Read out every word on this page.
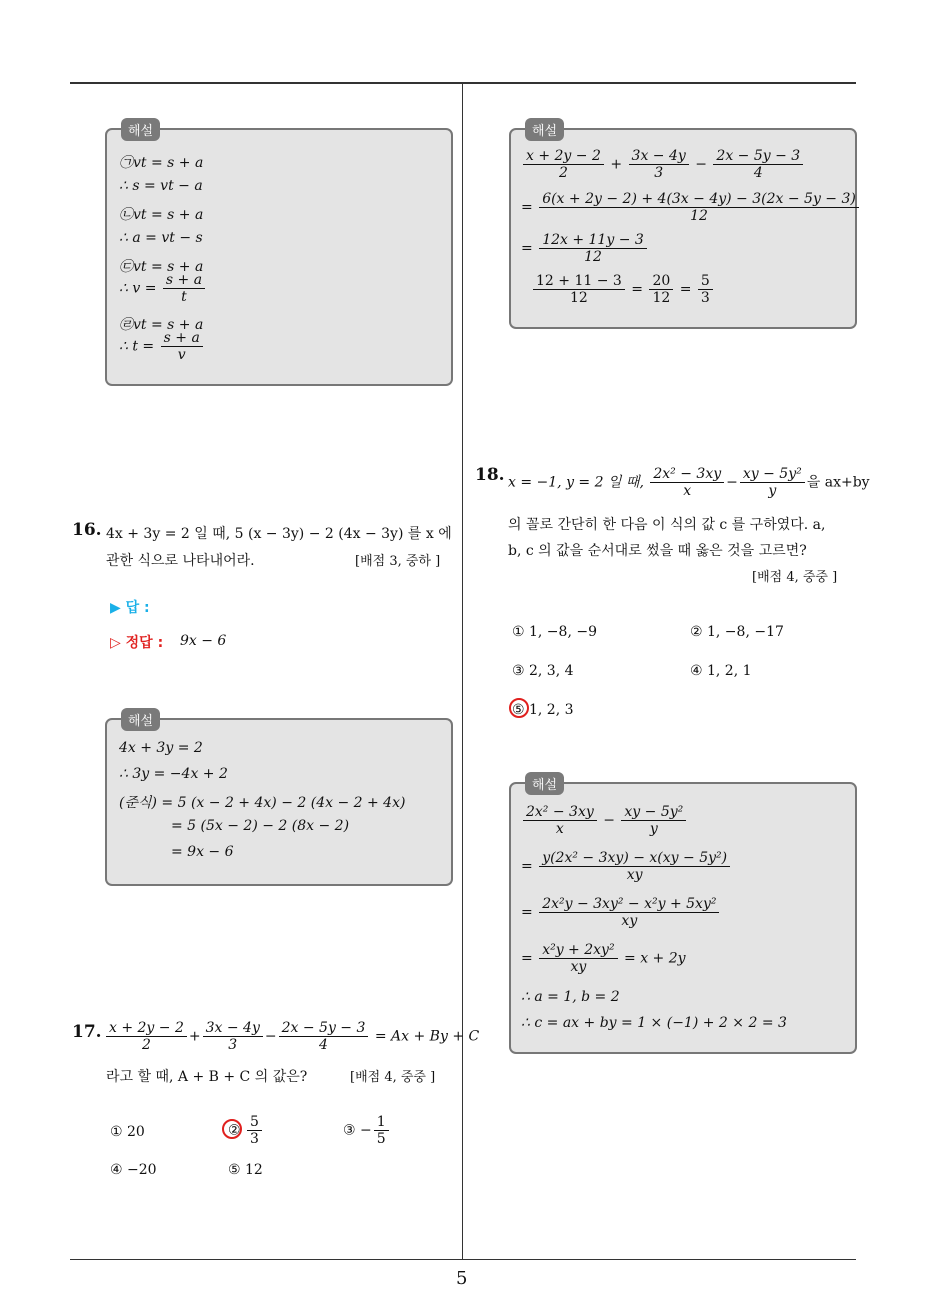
해설
㉠vt = s + a
∴ s = vt − a
㉡vt = s + a
∴ a = vt − s
㉢vt = s + a
∴ $v = \frac{s + a}{t}$
㉣vt = s + a
∴ $t = \frac{s + a}{v}$
16. 4x + 3y = 2 일 때, 5 (x − 3y) − 2 (4x − 3y) 를 x 에
관한 식으로 나타내어라.	[배점 3, 중하 ]
▶ 답 :
▷ 정답 : 9x − 6
해설
4x + 3y = 2
∴ 3y = −4x + 2
(준식) = 5 (x − 2 + 4x) − 2 (4x − 2 + 4x)
= 5 (5x − 2) − 2 (8x − 2)
= 9x − 6
17. $\frac{x + 2y - 2}{2} + \frac{3x - 4y}{3} - \frac{2x - 5y - 3}{4} = Ax + By + C$
라고 할 때, A + B + C 의 값은?	[배점 4, 중중 ]
① 20	② $\frac{5}{3}$	③ − $\frac{1}{5}$
④ −20	⑤ 12
해설
$\frac{x + 2y - 2}{2} + \frac{3x - 4y}{3} - \frac{2x - 5y - 3}{4}$
= $\frac{6(x + 2y - 2) + 4(3x - 4y) - 3(2x - 5y - 3)}{12}$
= $\frac{12x + 11y - 3}{12}$
$\frac{12 + 11 - 3}{12} = \frac{20}{12} = \frac{5}{3}$
18. x = −1, y = 2 일 때, $\frac{\text{2x² − 3xy}}{x} - \frac{\text{xy − 5y²}}{y}$ 을 ax+by
의 꼴로 간단히 한 다음 이 식의 값 c 를 구하였다. a,
b, c 의 값을 순서대로 썼을 때 옳은 것을 고르면?
[배점 4, 중중 ]
① 1, −8, −9	② 1, −8, −17
③ 2, 3, 4	④ 1, 2, 1
⑤ 1, 2, 3
해설
$\frac{\text{2x² − 3xy}}{x} - \frac{\text{xy − 5y²}}{y}$
= $\frac{\text{y(2x² − 3xy) − x(xy − 5y²)}}{xy}$
= $\frac{\text{2x²y − 3xy² − x²y + 5xy²}}{xy}$
= $\frac{\text{x²y + 2xy²}}{xy} = x + 2y$
∴ a = 1, b = 2
∴ c = ax + by = 1 × (−1) + 2 × 2 = 3
5
